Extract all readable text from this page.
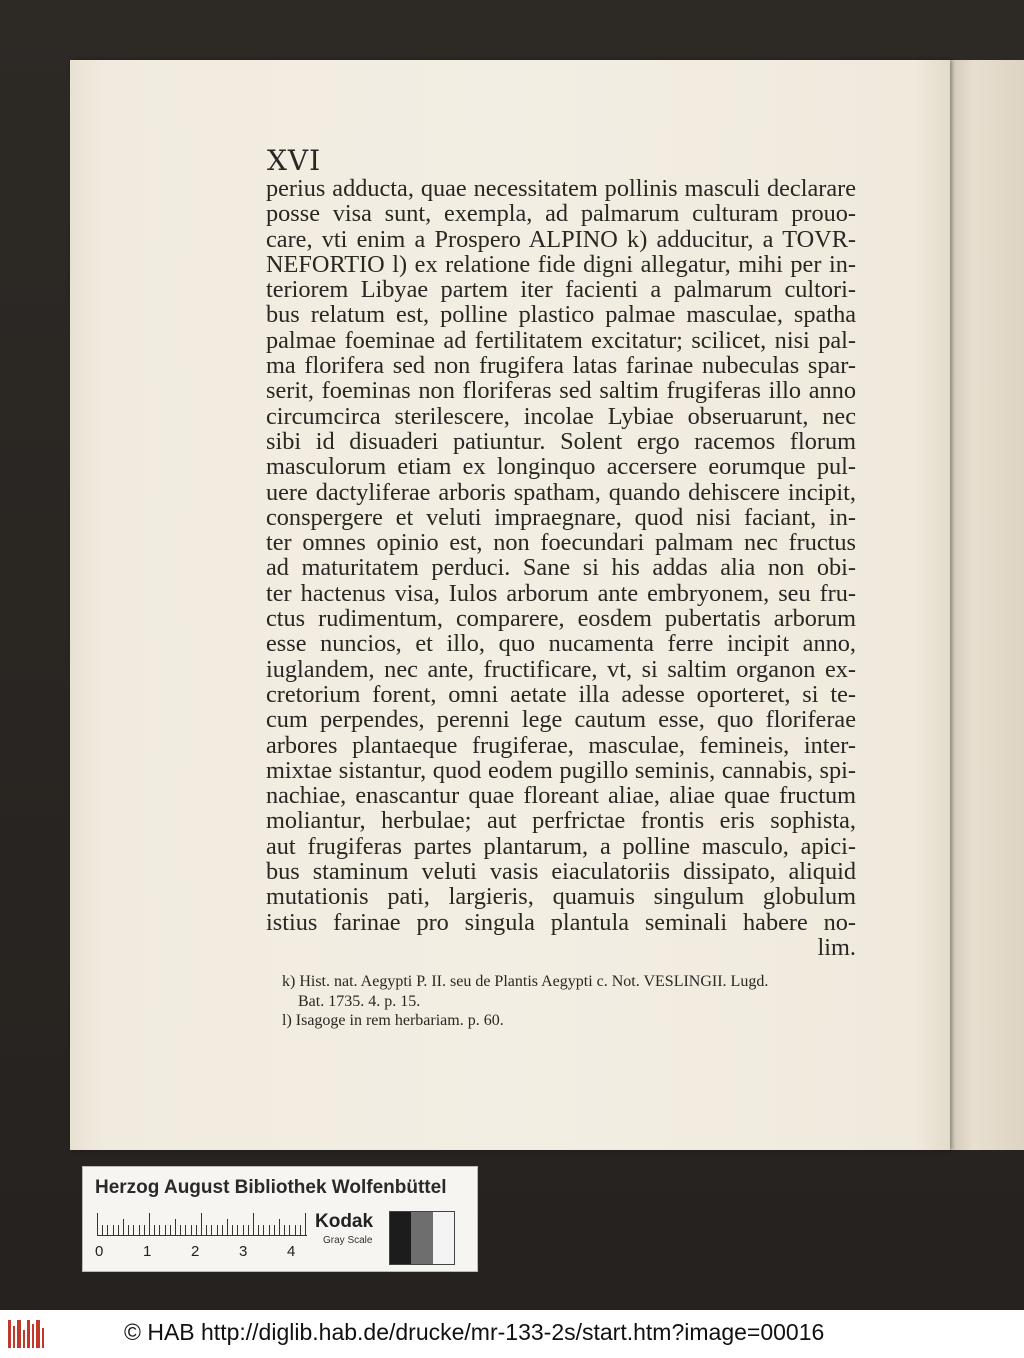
XVI
perius adducta, quae necessitatem pollinis masculi declarare
posse visa sunt, exempla, ad palmarum culturam prouo-
care, vti enim a Prospero ALPINO k) adducitur, a TOVR-
NEFORTIO l) ex relatione fide digni allegatur, mihi per in-
teriorem Libyae partem iter facienti a palmarum cultori-
bus relatum est, polline plastico palmae masculae, spatha
palmae foeminae ad fertilitatem excitatur; scilicet, nisi pal-
ma florifera sed non frugifera latas farinae nubeculas spar-
serit, foeminas non floriferas sed saltim frugiferas illo anno
circumcirca sterilescere, incolae Lybiae obseruarunt, nec
sibi id disuaderi patiuntur. Solent ergo racemos florum
masculorum etiam ex longinquo accersere eorumque pul-
uere dactyliferae arboris spatham, quando dehiscere incipit,
conspergere et veluti impraegnare, quod nisi faciant, in-
ter omnes opinio est, non foecundari palmam nec fructus
ad maturitatem perduci. Sane si his addas alia non obi-
ter hactenus visa, Iulos arborum ante embryonem, seu fru-
ctus rudimentum, comparere, eosdem pubertatis arborum
esse nuncios, et illo, quo nucamenta ferre incipit anno,
iuglandem, nec ante, fructificare, vt, si saltim organon ex-
cretorium forent, omni aetate illa adesse oporteret, si te-
cum perpendes, perenni lege cautum esse, quo floriferae
arbores plantaeque frugiferae, masculae, femineis, inter-
mixtae sistantur, quod eodem pugillo seminis, cannabis, spi-
nachiae, enascantur quae floreant aliae, aliae quae fructum
moliantur, herbulae; aut perfrictae frontis eris sophista,
aut frugiferas partes plantarum, a polline masculo, apici-
bus staminum veluti vasis eiaculatoriis dissipato, aliquid
mutationis pati, largieris, quamuis singulum globulum
istius farinae pro singula plantula seminali habere no-
lim.
k) Hist. nat. Aegypti P. II. seu de Plantis Aegypti c. Not. VESLINGII. Lugd.
Bat. 1735. 4. p. 15.
l) Isagoge in rem herbariam. p. 60.
Herzog August Bibliothek Wolfenbüttel
0	1	2	3	4
Kodak
Gray Scale
© HAB http://diglib.hab.de/drucke/mr-133-2s/start.htm?image=00016
